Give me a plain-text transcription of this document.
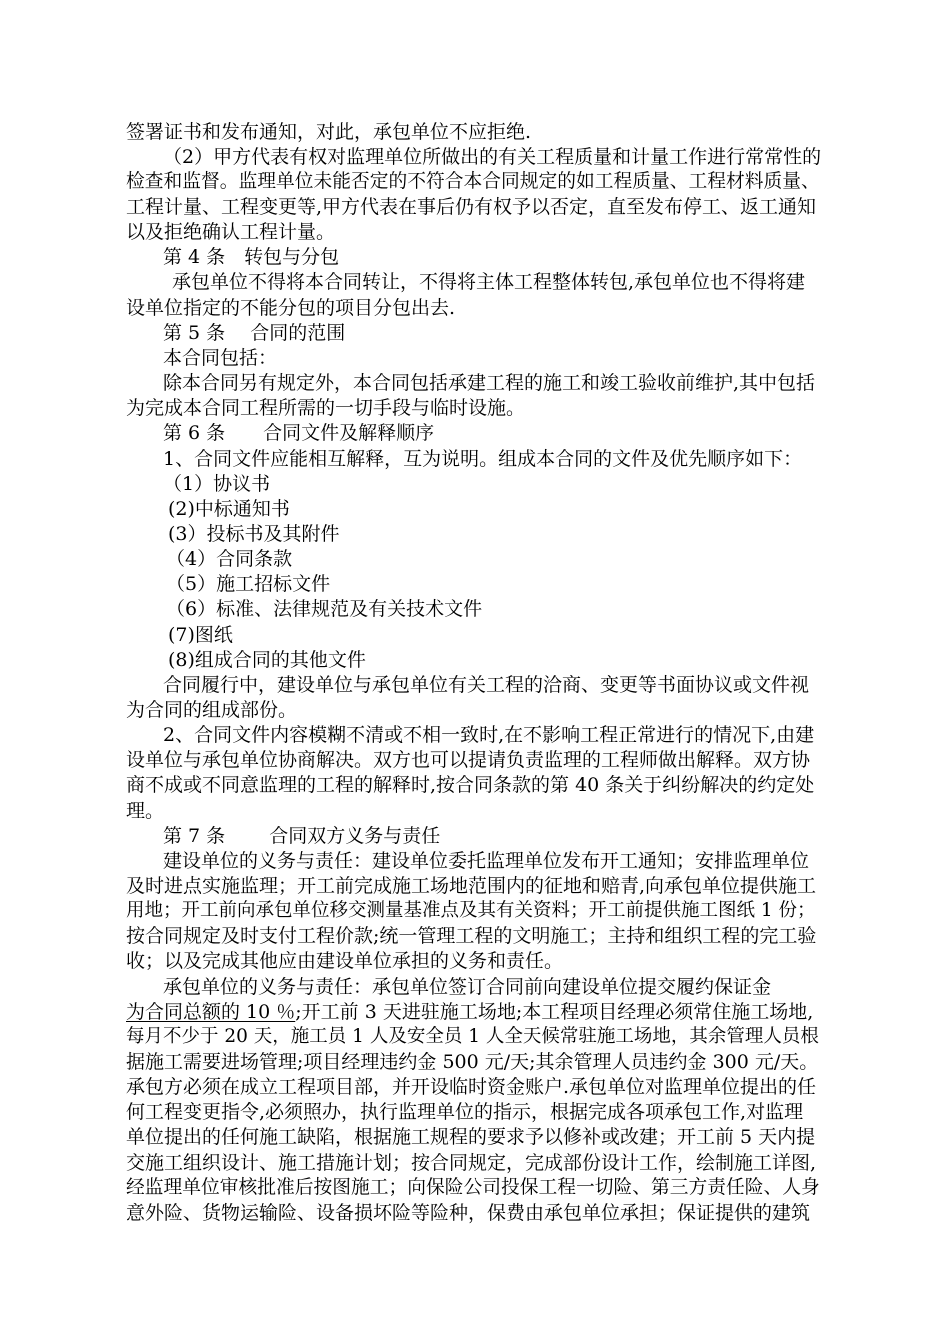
签署证书和发布通知，对此，承包单位不应拒绝.
（2）甲方代表有权对监理单位所做出的有关工程质量和计量工作进行常常性的
检查和监督。监理单位未能否定的不符合本合同规定的如工程质量、工程材料质量、
工程计量、工程变更等,甲方代表在事后仍有权予以否定，直至发布停工、返工通知
以及拒绝确认工程计量。
第 4 条　转包与分包
承包单位不得将本合同转让，不得将主体工程整体转包,承包单位也不得将建
设单位指定的不能分包的项目分包出去.
第 5 条　 合同的范围
本合同包括：
除本合同另有规定外，本合同包括承建工程的施工和竣工验收前维护,其中包括
为完成本合同工程所需的一切手段与临时设施。
第 6 条　　合同文件及解释顺序
1、合同文件应能相互解释，互为说明。组成本合同的文件及优先顺序如下：
（1）协议书
(2)中标通知书
(3）投标书及其附件
（4）合同条款
（5）施工招标文件
（6）标准、法律规范及有关技术文件
(7)图纸
(8)组成合同的其他文件
合同履行中，建设单位与承包单位有关工程的洽商、变更等书面协议或文件视
为合同的组成部份。
2、合同文件内容模糊不清或不相一致时,在不影响工程正常进行的情况下,由建
设单位与承包单位协商解决。双方也可以提请负责监理的工程师做出解释。双方协
商不成或不同意监理的工程的解释时,按合同条款的第 40 条关于纠纷解决的约定处
理。
第 7 条　　 合同双方义务与责任
建设单位的义务与责任：建设单位委托监理单位发布开工通知；安排监理单位
及时进点实施监理；开工前完成施工场地范围内的征地和赔青,向承包单位提供施工
用地；开工前向承包单位移交测量基准点及其有关资料；开工前提供施工图纸 1 份；
按合同规定及时支付工程价款;统一管理工程的文明施工；主持和组织工程的完工验
收；以及完成其他应由建设单位承担的义务和责任。
承包单位的义务与责任：承包单位签订合同前向建设单位提交履约保证金
为合同总额的 10 ％;开工前 3 天进驻施工场地;本工程项目经理必须常住施工场地,
每月不少于 20 天，施工员 1 人及安全员 1 人全天候常驻施工场地，其余管理人员根
据施工需要进场管理;项目经理违约金 500 元/天;其余管理人员违约金 300 元/天。
承包方必须在成立工程项目部，并开设临时资金账户.承包单位对监理单位提出的任
何工程变更指令,必须照办，执行监理单位的指示，根据完成各项承包工作,对监理
单位提出的任何施工缺陷，根据施工规程的要求予以修补或改建；开工前 5 天内提
交施工组织设计、施工措施计划；按合同规定，完成部份设计工作，绘制施工详图,
经监理单位审核批准后按图施工；向保险公司投保工程一切险、第三方责任险、人身
意外险、货物运输险、设备损坏险等险种，保费由承包单位承担；保证提供的建筑
